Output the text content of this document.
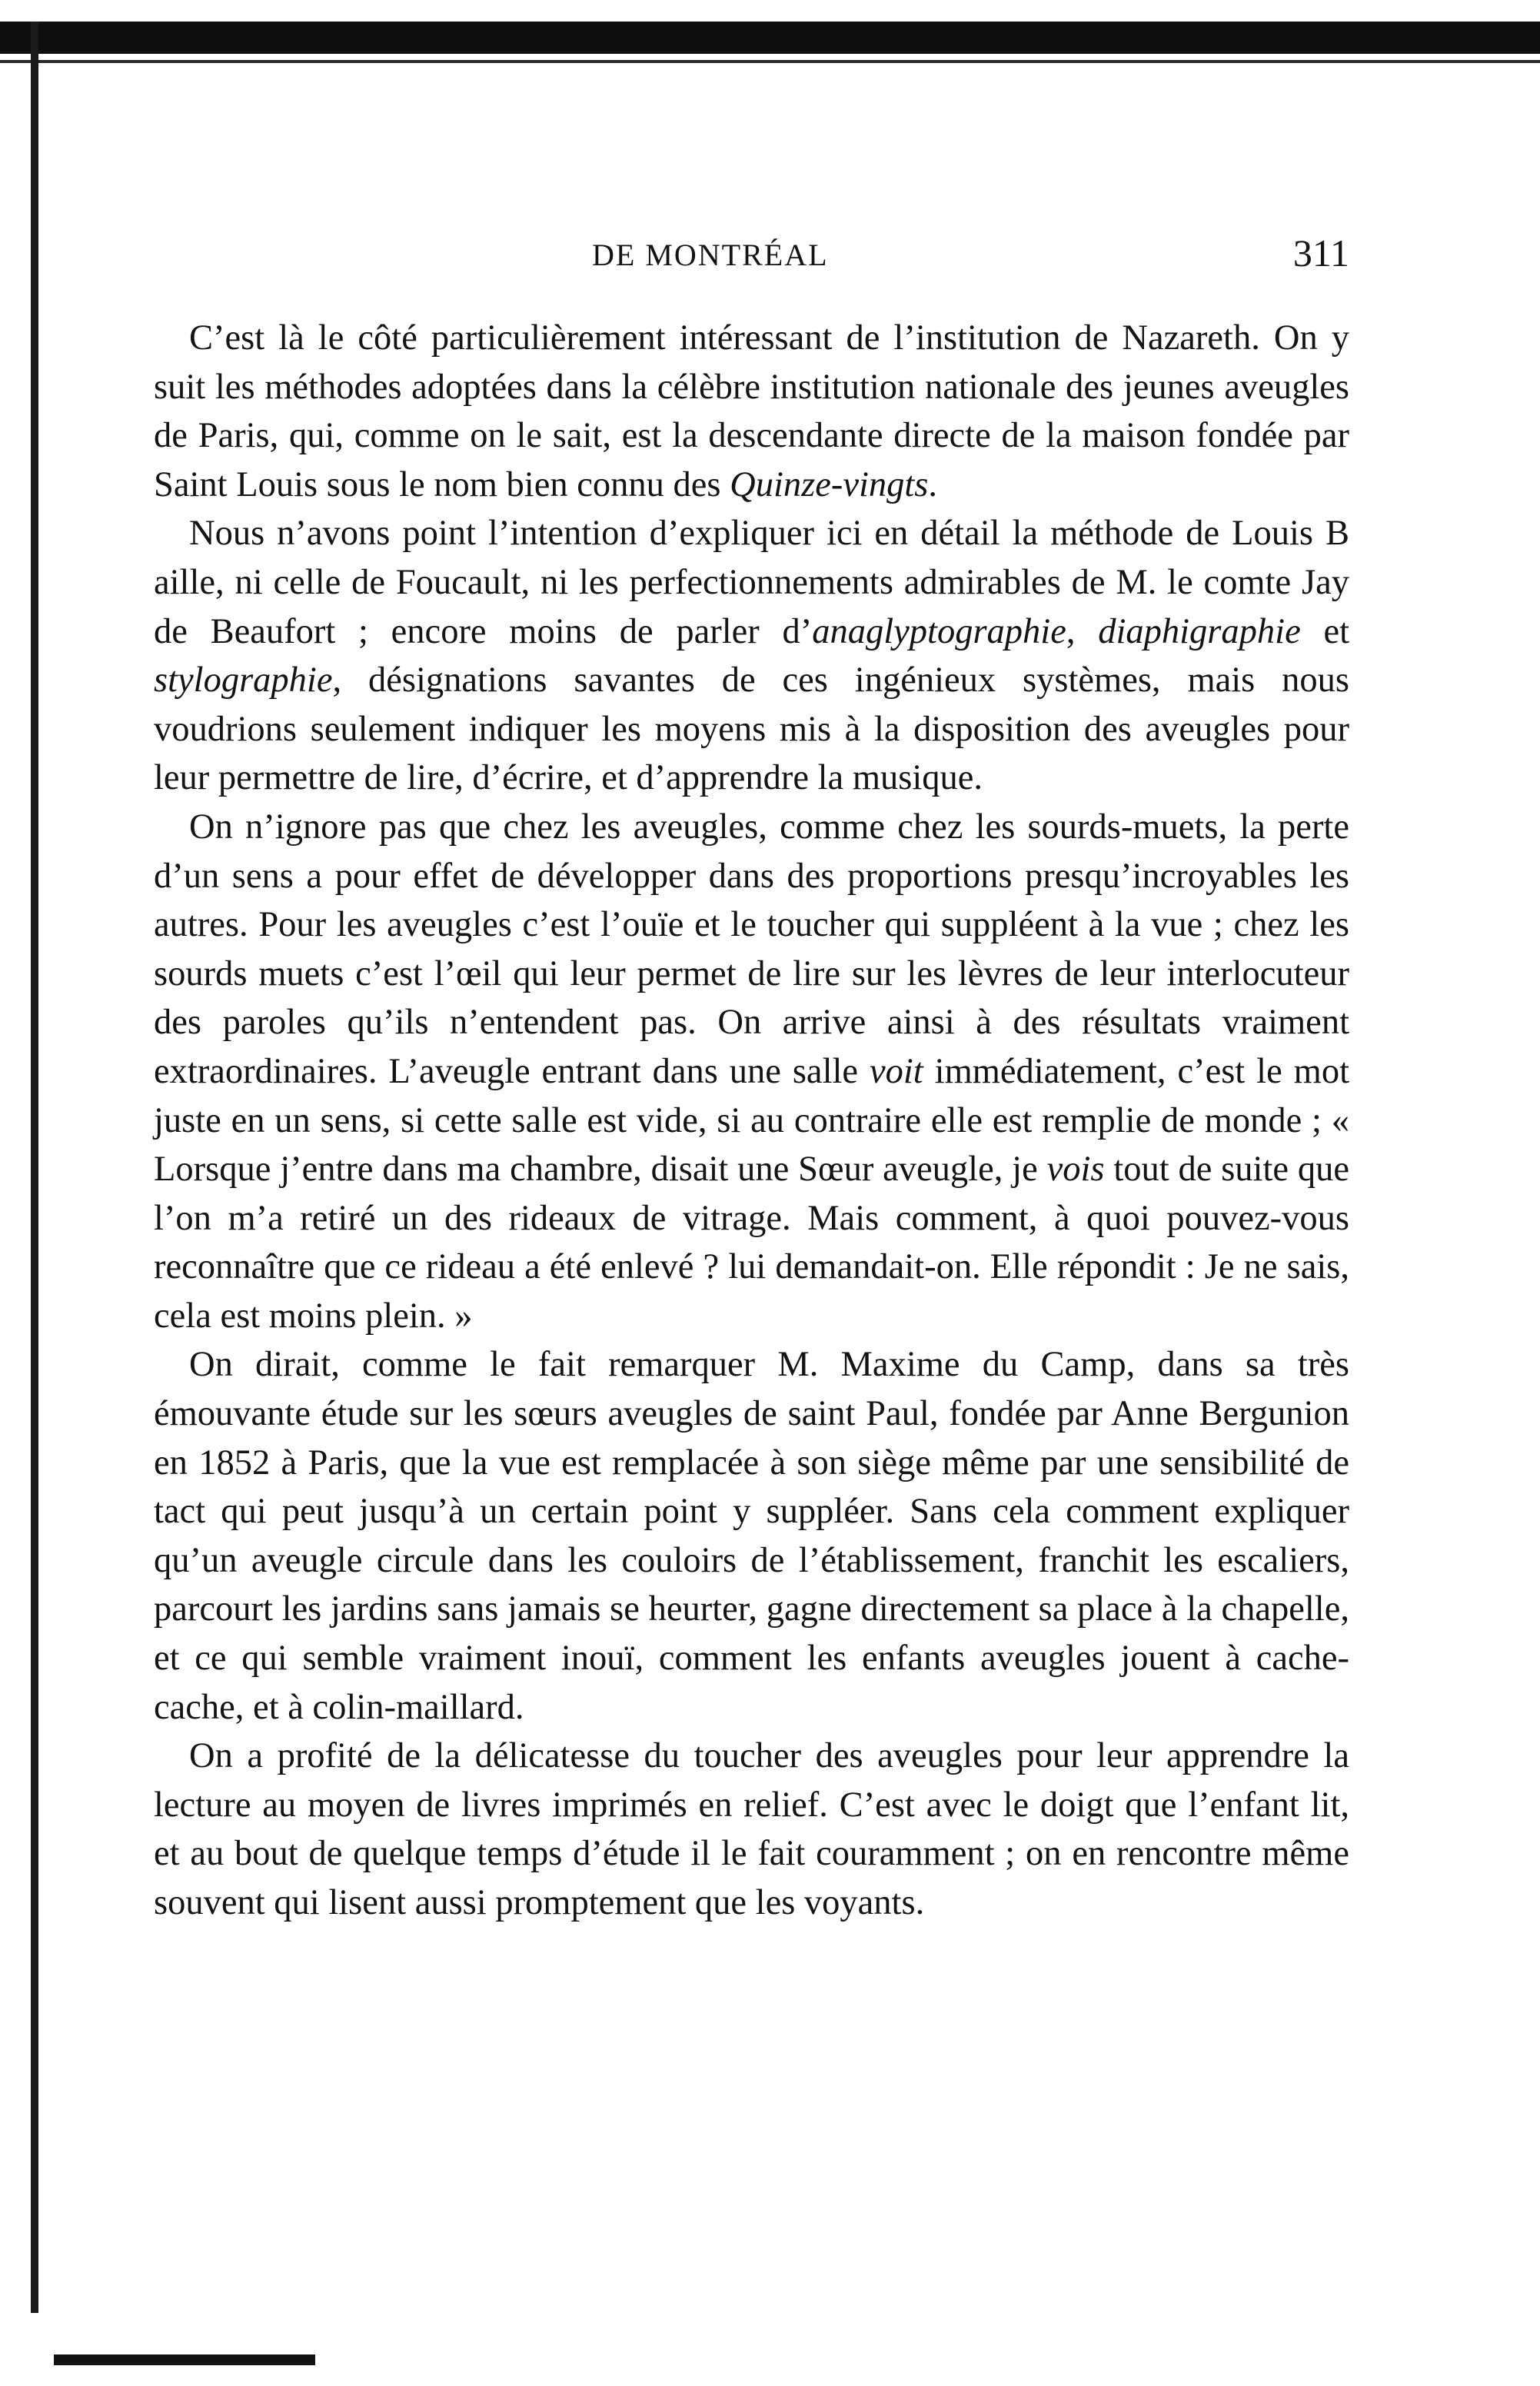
DE MONTRÉAL	311

C’est là le côté particulièrement intéressant de l’institution de Nazareth. On y suit les méthodes adoptées dans la célèbre institution nationale des jeunes aveugles de Paris, qui, comme on le sait, est la descendante directe de la maison fondée par Saint Louis sous le nom bien connu des Quinze-vingts.

Nous n’avons point l’intention d’expliquer ici en détail la méthode de Louis B aille, ni celle de Foucault, ni les perfectionnements admirables de M. le comte Jay de Beaufort ; encore moins de parler d’anaglyptographie, diaphigraphie et stylographie, désignations savantes de ces ingénieux systèmes, mais nous voudrions seulement indiquer les moyens mis à la disposition des aveugles pour leur permettre de lire, d’écrire, et d’apprendre la musique.

On n’ignore pas que chez les aveugles, comme chez les sourds-muets, la perte d’un sens a pour effet de développer dans des proportions presqu’incroyables les autres. Pour les aveugles c’est l’ouïe et le toucher qui suppléent à la vue ; chez les sourds muets c’est l’œil qui leur permet de lire sur les lèvres de leur interlocuteur des paroles qu’ils n’entendent pas. On arrive ainsi à des résultats vraiment extraordinaires. L’aveugle entrant dans une salle voit immédiatement, c’est le mot juste en un sens, si cette salle est vide, si au contraire elle est remplie de monde ; « Lorsque j’entre dans ma chambre, disait une Sœur aveugle, je vois tout de suite que l’on m’a retiré un des rideaux de vitrage. Mais comment, à quoi pouvez-vous reconnaître que ce rideau a été enlevé ? lui demandait-on. Elle répondit : Je ne sais, cela est moins plein. »

On dirait, comme le fait remarquer M. Maxime du Camp, dans sa très émouvante étude sur les sœurs aveugles de saint Paul, fondée par Anne Bergunion en 1852 à Paris, que la vue est remplacée à son siège même par une sensibilité de tact qui peut jusqu’à un certain point y suppléer. Sans cela comment expliquer qu’un aveugle circule dans les couloirs de l’établissement, franchit les escaliers, parcourt les jardins sans jamais se heurter, gagne directement sa place à la chapelle, et ce qui semble vraiment inouï, comment les enfants aveugles jouent à cache-cache, et à colin-maillard.

On a profité de la délicatesse du toucher des aveugles pour leur apprendre la lecture au moyen de livres imprimés en relief. C’est avec le doigt que l’enfant lit, et au bout de quelque temps d’étude il le fait couramment ; on en rencontre même souvent qui lisent aussi promptement que les voyants.
